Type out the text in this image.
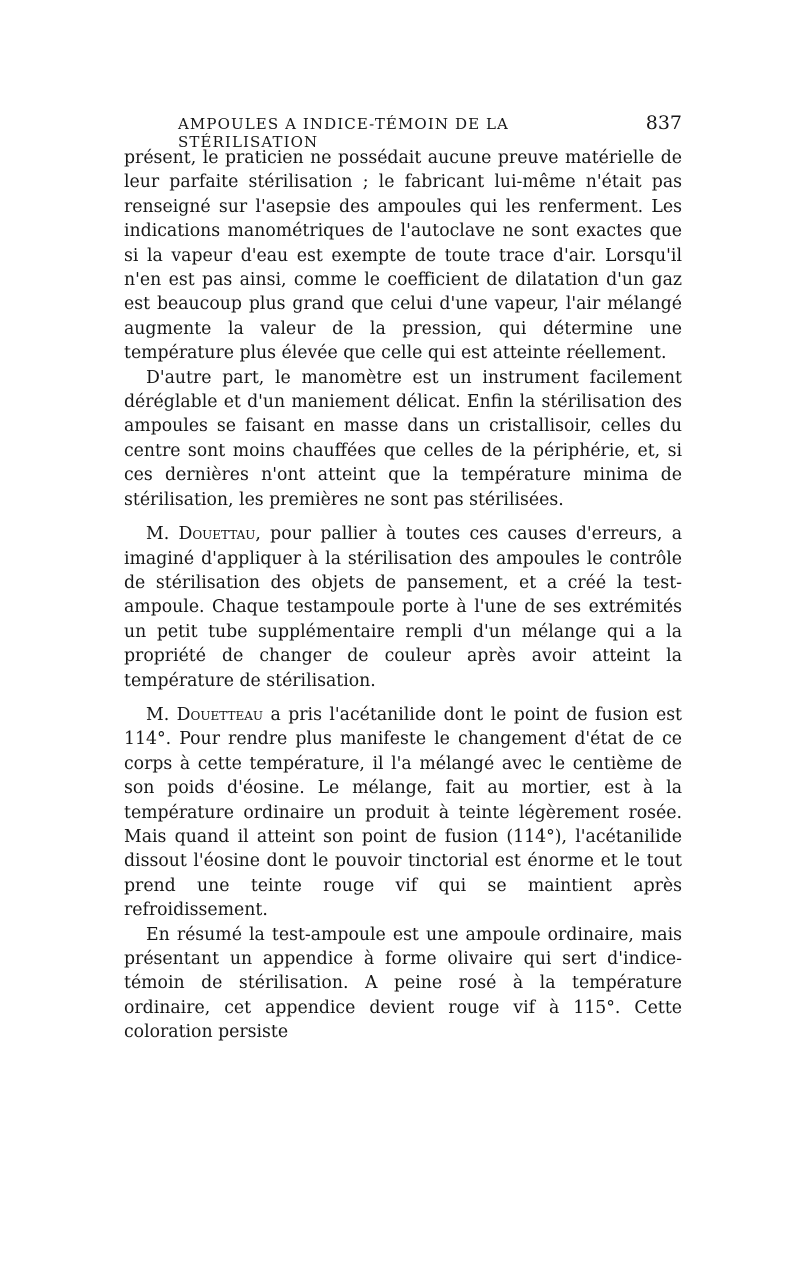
AMPOULES A INDICE-TÉMOIN DE LA STÉRILISATION
837

présent, le praticien ne possédait aucune preuve matérielle de leur parfaite stérilisation ; le fabricant lui-même n'était pas renseigné sur l'asepsie des ampoules qui les renferment. Les indications manométriques de l'autoclave ne sont exactes que si la vapeur d'eau est exempte de toute trace d'air. Lorsqu'il n'en est pas ainsi, comme le coefficient de dilatation d'un gaz est beaucoup plus grand que celui d'une vapeur, l'air mélangé augmente la valeur de la pression, qui détermine une température plus élevée que celle qui est atteinte réellement.

D'autre part, le manomètre est un instrument facilement déréglable et d'un maniement délicat. Enfin la stérilisation des ampoules se faisant en masse dans un cristallisoir, celles du centre sont moins chauffées que celles de la périphérie, et, si ces dernières n'ont atteint que la température minima de stérilisation, les premières ne sont pas stérilisées.

M. Douettau, pour pallier à toutes ces causes d'erreurs, a imaginé d'appliquer à la stérilisation des ampoules le contrôle de stérilisation des objets de pansement, et a créé la test-ampoule. Chaque testampoule porte à l'une de ses extrémités un petit tube supplémentaire rempli d'un mélange qui a la propriété de changer de couleur après avoir atteint la température de stérilisation.

M. Douetteau a pris l'acétanilide dont le point de fusion est 114°. Pour rendre plus manifeste le changement d'état de ce corps à cette température, il l'a mélangé avec le centième de son poids d'éosine. Le mélange, fait au mortier, est à la température ordinaire un produit à teinte légèrement rosée. Mais quand il atteint son point de fusion (114°), l'acétanilide dissout l'éosine dont le pouvoir tinctorial est énorme et le tout prend une teinte rouge vif qui se maintient après refroidissement.

En résumé la test-ampoule est une ampoule ordinaire, mais présentant un appendice à forme olivaire qui sert d'indice-témoin de stérilisation. A peine rosé à la température ordinaire, cet appendice devient rouge vif à 115°. Cette coloration persiste
